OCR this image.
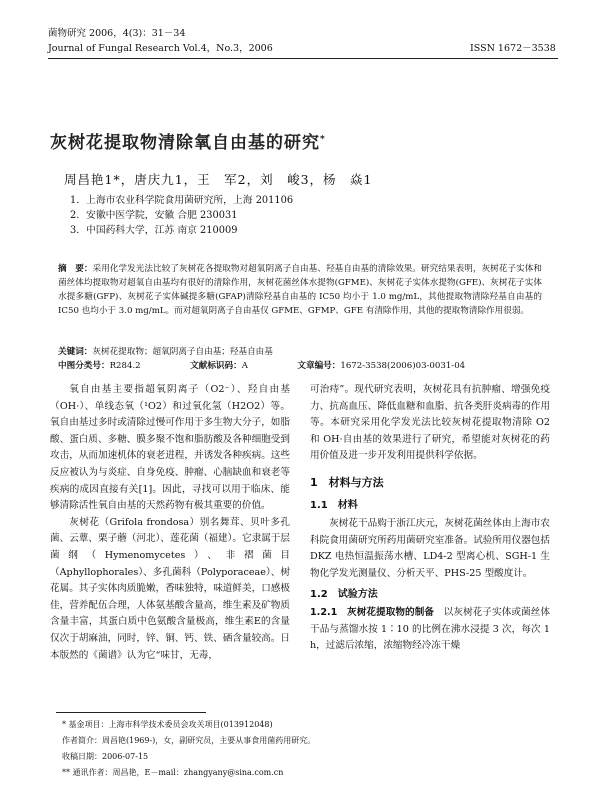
菌物研究 2006，4(3)：31－34
Journal of Fungal Research Vol.4，No.3，2006	ISSN 1672－3538
灰树花提取物清除氧自由基的研究*
周昌艳1*，唐庆九1，王　军2，刘　峻3，杨　焱1
1．上海市农业科学院食用菌研究所，上海 201106
2．安徽中医学院，安徽 合肥 230031
3．中国药科大学，江苏 南京 210009
摘　要：采用化学发光法比较了灰树花各提取物对超氧阴离子自由基、羟基自由基的清除效果。研究结果表明，灰树花子实体和菌丝体均提取物对超氧自由基均有很好的清除作用，灰树花菌丝体水提物(GFME)、灰树花子实体水提物(GFE)、灰树花子实体水提多糖(GFP)、灰树花子实体碱提多糖(GFAP)清除羟基自由基的 IC50 均小于 1.0 mg/mL，其他提取物清除羟基自由基的 IC50 也均小于 3.0 mg/mL。而对超氧阴离子自由基仅 GFME、GFMP、GFE 有清除作用，其他的提取物清除作用很弱。
关键词：灰树花提取物；超氧阴离子自由基；羟基自由基
中图分类号：R284.2	文献标识码：A	文章编号：1672-3538(2006)03-0031-04

氧自由基主要指超氧阴离子（O2⁻）、羟自由基（OH·）、单线态氧（¹O2）和过氧化氢（H2O2）等。氧自由基过多时或清除过慢可作用于多生物大分子，如脂酸、蛋白质、多糖、膜多聚不饱和脂肪酸及各种细胞受到攻击，从而加速机体的衰老进程，并诱发各种疾病。这些反应被认为与炎症、自身免疫、肿瘤、心脑缺血和衰老等疾病的成因直接有关[1]。因此，寻找可以用于临床、能够清除活性氧自由基的天然药物有极其重要的价值。

灰树花（Grifola frondosa）别名舞茸、贝叶多孔菌、云蕈、栗子蘑（河北）、莲花菌（福建）。它隶属于层菌纲（Hymenomycetes）、非褶菌目（Aphyllophorales）、多孔菌科（Polyporaceae）、树花属。其子实体肉质脆嫩，香味独特，味道鲜美，口感极佳，营养配伍合理，人体氨基酸含量高，维生素及矿物质含量丰富，其蛋白质中色氨酸含量极高，维生素E的含量仅次于胡麻油，同时，锌、铜、钙、铁、硒含量较高。日本版然的《菌谱》认为它“味甘，无毒，

可治痔”。现代研究表明，灰树花具有抗肿瘤、增强免疫力、抗高血压、降低血糖和血脂、抗各类肝炎病毒的作用等。本研究采用化学发光法比较灰树花提取物清除 O2 和 OH·自由基的效果进行了研究，希望能对灰树花的药用价值及进一步开发利用提供科学依据。

1　材料与方法

1.1　材料

灰树花干品购于浙江庆元，灰树花菌丝体由上海市农科院食用菌研究所药用菌研究室准备。试验所用仪器包括 DKZ 电热恒温振荡水槽、LD4-2 型离心机、SGH-1 生物化学发光测量仪、分析天平、PHS-25 型酸度计。

1.2　试验方法

1.2.1　灰树花提取物的制备　 以灰树花子实体或菌丝体干品与蒸馏水按 1∶10 的比例在沸水浸提 3 次，每次 1 h，过滤后浓缩，浓缩物经冷冻干燥

* 基金项目：上海市科学技术委员会攻关项目(013912048)
作者简介：周昌艳(1969-)，女，副研究员，主要从事食用菌药用研究。
收稿日期：2006-07-15
** 通讯作者：周昌艳，E－mail：zhangyany@sina.com.cn
